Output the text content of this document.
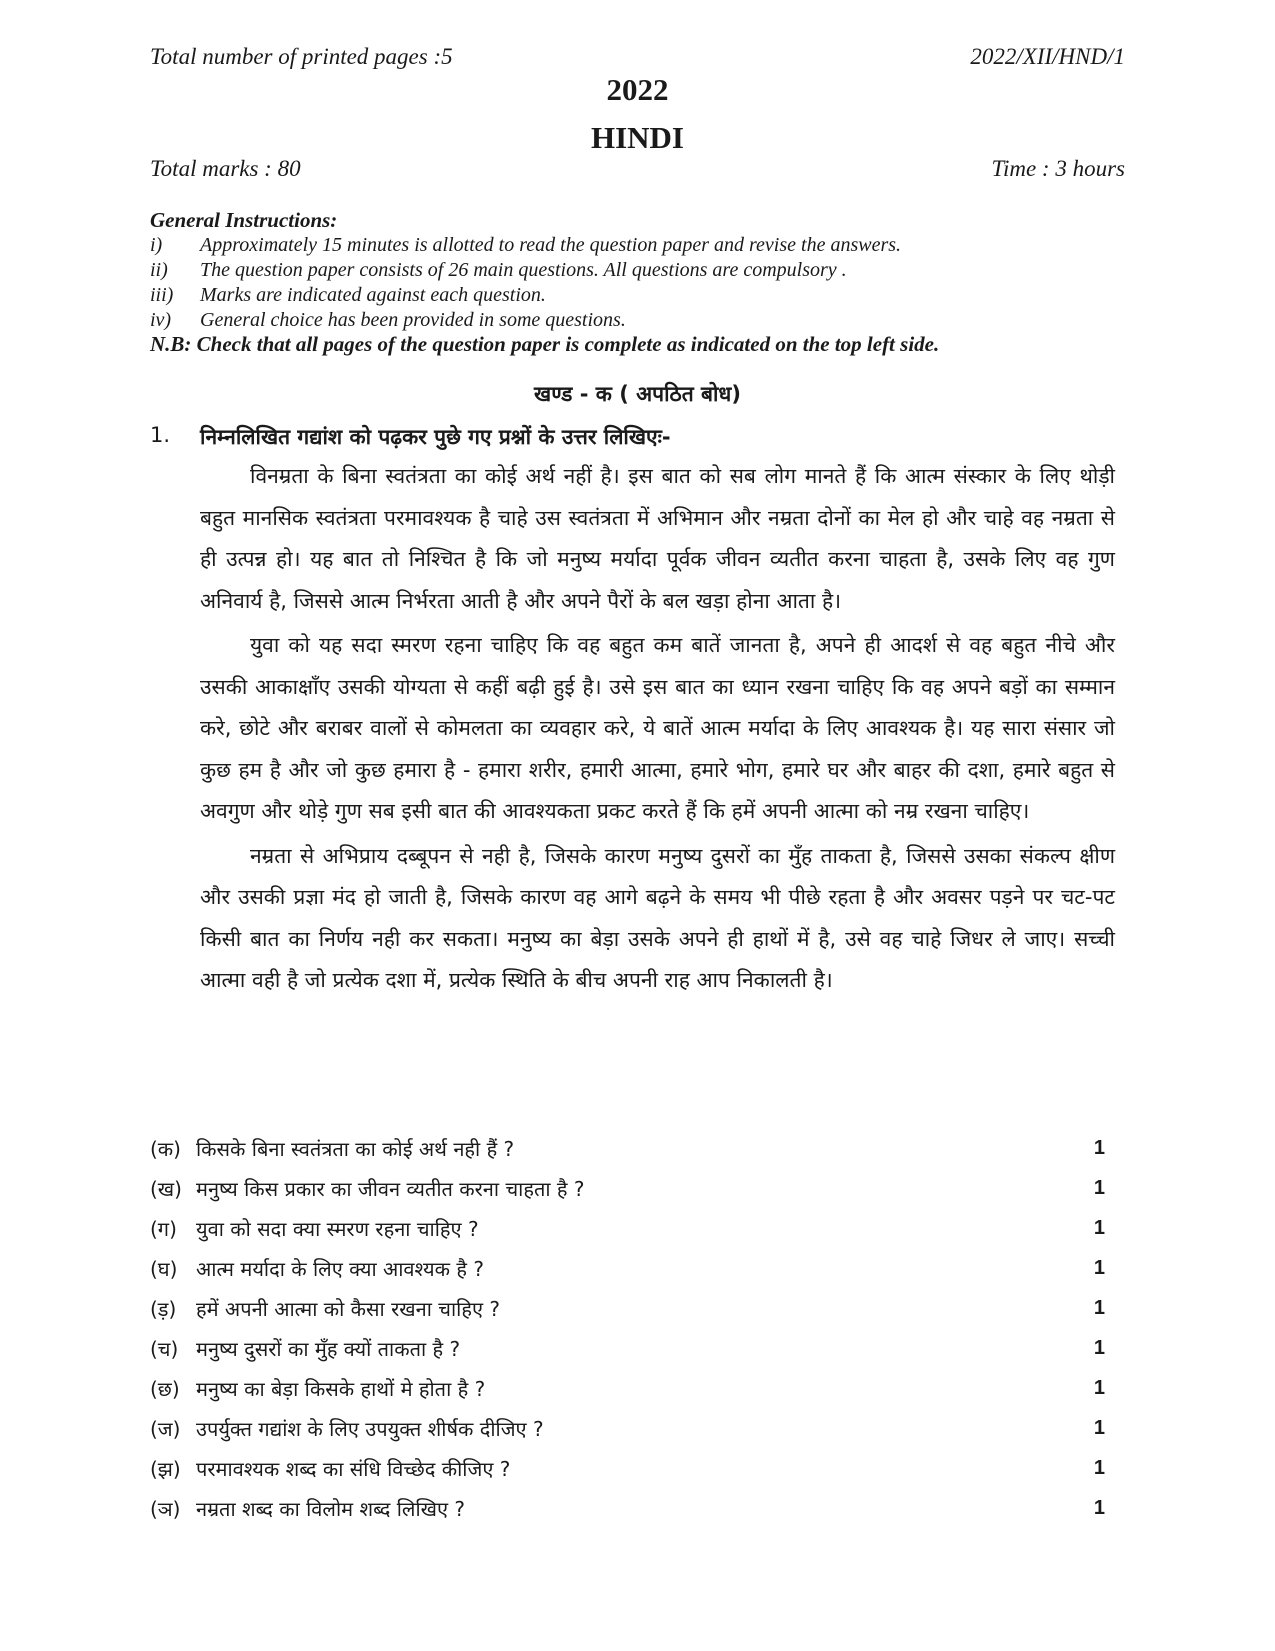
Total number of printed pages :5	2022/XII/HND/1
2022
HINDI
Total marks : 80	Time : 3 hours
General Instructions:
i)	Approximately 15 minutes is allotted to read the question paper and revise the answers.
ii)	The question paper consists of 26 main questions. All questions are compulsory .
iii)	Marks are indicated against each question.
iv)	General choice has been provided in some questions.
N.B: Check that all pages of the question paper is complete as indicated on the top left side.
खण्ड - क ( अपठित बोध)
1.	निम्नलिखित गद्यांश को पढ़कर पुछे गए प्रश्नों के उत्तर लिखिएः-

विनम्रता के बिना स्वतंत्रता का कोई अर्थ नहीं है। इस बात को सब लोग मानते हैं कि आत्म संस्कार के लिए थोड़ी बहुत मानसिक स्वतंत्रता परमावश्यक है चाहे उस स्वतंत्रता में अभिमान और नम्रता दोनों का मेल हो और चाहे वह नम्रता से ही उत्पन्न हो। यह बात तो निश्चित है कि जो मनुष्य मर्यादा पूर्वक जीवन व्यतीत करना चाहता है, उसके लिए वह गुण अनिवार्य है, जिससे आत्म निर्भरता आती है और अपने पैरों के बल खड़ा होना आता है।

युवा को यह सदा स्मरण रहना चाहिए कि वह बहुत कम बातें जानता है, अपने ही आदर्श से वह बहुत नीचे और उसकी आकाक्षाँए उसकी योग्यता से कहीं बढ़ी हुई है। उसे इस बात का ध्यान रखना चाहिए कि वह अपने बड़ों का सम्मान करे, छोटे और बराबर वालों से कोमलता का व्यवहार करे, ये बातें आत्म मर्यादा के लिए आवश्यक है। यह सारा संसार जो कुछ हम है और जो कुछ हमारा है - हमारा शरीर, हमारी आत्मा, हमारे भोग, हमारे घर और बाहर की दशा, हमारे बहुत से अवगुण और थोड़े गुण सब इसी बात की आवश्यकता प्रकट करते हैं कि हमें अपनी आत्मा को नम्र रखना चाहिए।

नम्रता से अभिप्राय दब्बूपन से नही है, जिसके कारण मनुष्य दुसरों का मुँह ताकता है, जिससे उसका संकल्प क्षीण और उसकी प्रज्ञा मंद हो जाती है, जिसके कारण वह आगे बढ़ने के समय भी पीछे रहता है और अवसर पड़ने पर चट-पट किसी बात का निर्णय नही कर सकता। मनुष्य का बेड़ा उसके अपने ही हाथों में है, उसे वह चाहे जिधर ले जाए। सच्ची आत्मा वही है जो प्रत्येक दशा में, प्रत्येक स्थिति के बीच अपनी राह आप निकालती है।

(क) किसके बिना स्वतंत्रता का कोई अर्थ नही हैं ?	1
(ख) मनुष्य किस प्रकार का जीवन व्यतीत करना चाहता है ?	1
(ग) युवा को सदा क्या स्मरण रहना चाहिए ?	1
(घ) आत्म मर्यादा के लिए क्या आवश्यक है ?	1
(ड़) हमें अपनी आत्मा को कैसा रखना चाहिए ?	1
(च) मनुष्य दुसरों का मुँह क्यों ताकता है ?	1
(छ) मनुष्य का बेड़ा किसके हाथों मे होता है ?	1
(ज) उपर्युक्त गद्यांश के लिए उपयुक्त शीर्षक दीजिए ?	1
(झ) परमावश्यक शब्द का संधि विच्छेद कीजिए ?	1
(ञ) नम्रता शब्द का विलोम शब्द लिखिए ?	1
